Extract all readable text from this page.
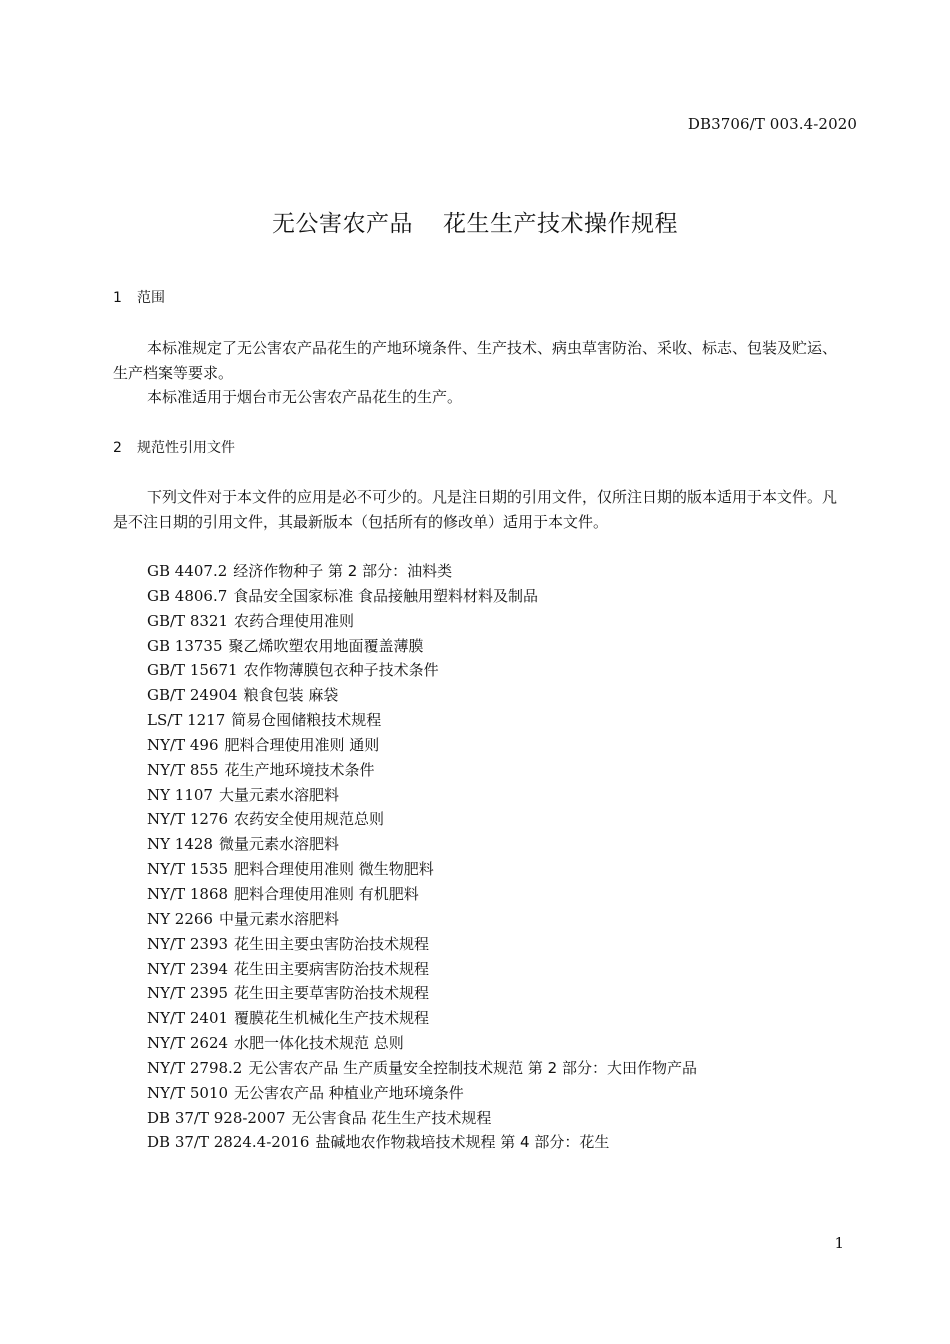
DB3706/T 003.4-2020
无公害农产品 花生生产技术操作规程
1 范围
本标准规定了无公害农产品花生的产地环境条件、生产技术、病虫草害防治、采收、标志、包装及贮运、生产档案等要求。
本标准适用于烟台市无公害农产品花生的生产。
2 规范性引用文件
下列文件对于本文件的应用是必不可少的。凡是注日期的引用文件，仅所注日期的版本适用于本文件。凡是不注日期的引用文件，其最新版本（包括所有的修改单）适用于本文件。
GB 4407.2 经济作物种子 第 2 部分：油料类
GB 4806.7 食品安全国家标准 食品接触用塑料材料及制品
GB/T 8321 农药合理使用准则
GB 13735 聚乙烯吹塑农用地面覆盖薄膜
GB/T 15671 农作物薄膜包衣种子技术条件
GB/T 24904 粮食包装 麻袋
LS/T 1217 简易仓囤储粮技术规程
NY/T 496 肥料合理使用准则 通则
NY/T 855 花生产地环境技术条件
NY 1107 大量元素水溶肥料
NY/T 1276 农药安全使用规范总则
NY 1428 微量元素水溶肥料
NY/T 1535 肥料合理使用准则 微生物肥料
NY/T 1868 肥料合理使用准则 有机肥料
NY 2266 中量元素水溶肥料
NY/T 2393 花生田主要虫害防治技术规程
NY/T 2394 花生田主要病害防治技术规程
NY/T 2395 花生田主要草害防治技术规程
NY/T 2401 覆膜花生机械化生产技术规程
NY/T 2624 水肥一体化技术规范 总则
NY/T 2798.2 无公害农产品 生产质量安全控制技术规范 第 2 部分：大田作物产品
NY/T 5010 无公害农产品 种植业产地环境条件
DB 37/T 928-2007 无公害食品 花生生产技术规程
DB 37/T 2824.4-2016 盐碱地农作物栽培技术规程 第 4 部分：花生
1
